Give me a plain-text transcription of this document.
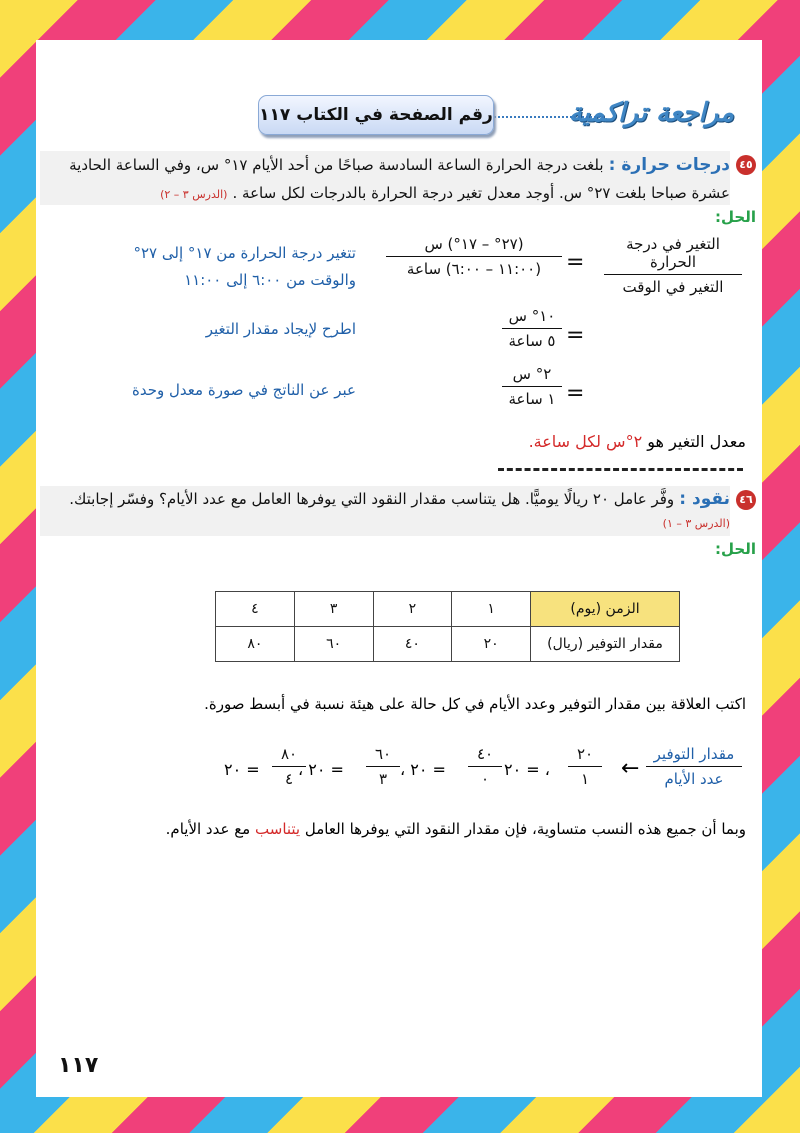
مراجعة تراكمية
رقم الصفحة في الكتاب ١١٧
٤٥
درجات حرارة : بلغت درجة الحرارة الساعة السادسة صباحًا من أحد الأيام ١٧° س، وفي الساعة الحادية
عشرة صباحا بلغت ٢٧° س. أوجد معدل تغير درجة الحرارة بالدرجات لكل ساعة . (الدرس ٣ – ٢)
الحل:
التغير في درجة الحرارة
التغير في الوقت
=
(٢٧° – ١٧°) س
(١١:٠٠ – ٦:٠٠) ساعة
تتغير درجة الحرارة من ١٧° إلى ٢٧°
والوقت من ٦:٠٠ إلى ١١:٠٠
=
١٠° س
٥ ساعة
اطرح لإيجاد مقدار التغير
=
٢° س
١ ساعة
عبر عن الناتج في صورة معدل وحدة
معدل التغير هو ٢°س لكل ساعة.
٤٦
نقود : وفَّر عامل ٢٠ ريالًا يوميًّا. هل يتناسب مقدار النقود التي يوفرها العامل مع عدد الأيام؟ وفسّر إجابتك.
(الدرس ٣ – ١)
الحل:
الزمن (يوم)	١	٢	٣	٤
مقدار التوفير (ريال)	٢٠	٤٠	٦٠	٨٠
اكتب العلاقة بين مقدار التوفير وعدد الأيام في كل حالة على هيئة نسبة في أبسط صورة.
مقدار التوفير
عدد الأيام
←
٢٠
١
٢٠ = ،
٤٠
٠
، ٢٠ =
٦٠
٣
، ٢٠ =
٨٠
٤
٢٠ =
وبما أن جميع هذه النسب متساوية، فإن مقدار النقود التي يوفرها العامل يتناسب مع عدد الأيام.
١١٧
